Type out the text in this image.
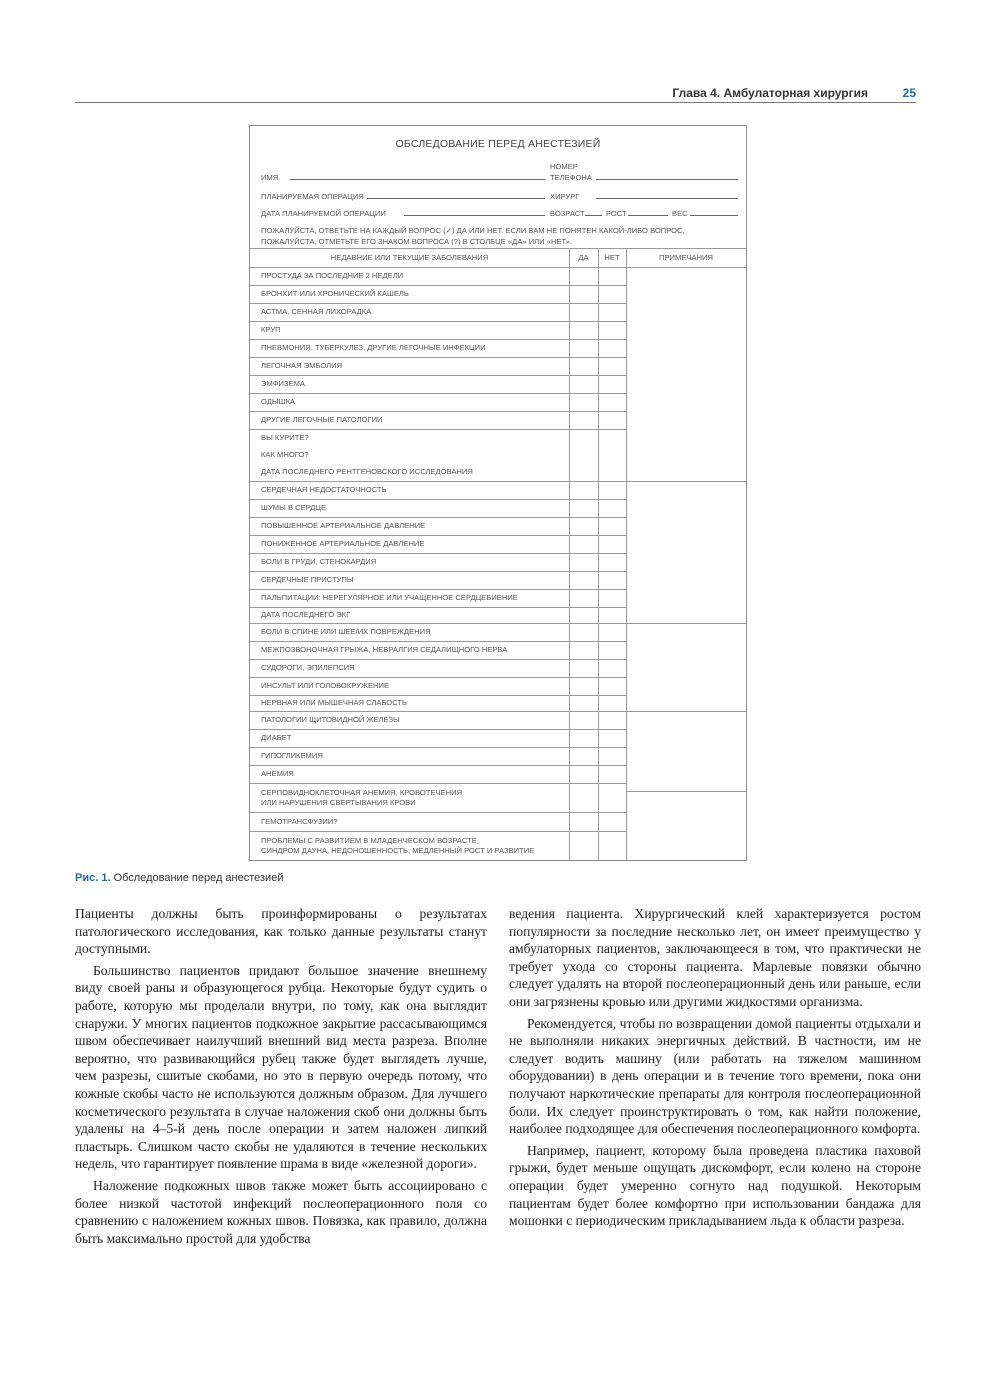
Глава 4. Амбулаторная хирургия	25
ОБСЛЕДОВАНИЕ ПЕРЕД АНЕСТЕЗИЕЙ
ИМЯ
НОМЕР
ТЕЛЕФОНА
ПЛАНИРУЕМАЯ ОПЕРАЦИЯ	ХИРУРГ
ДАТА ПЛАНИРУЕМОЙ ОПЕРАЦИИ	ВОЗРАСТ	РОСТ	ВЕС
ПОЖАЛУЙСТА, ОТВЕТЬТЕ НА КАЖДЫЙ ВОПРОС (✓) ДА ИЛИ НЕТ. ЕСЛИ ВАМ НЕ ПОНЯТЕН КАКОЙ-ЛИБО ВОПРОС,
ПОЖАЛУЙСТА, ОТМЕТЬТЕ ЕГО ЗНАКОМ ВОПРОСА (?) В СТОЛБЦЕ «ДА» ИЛИ «НЕТ».
НЕДАВНИЕ ИЛИ ТЕКУЩИЕ ЗАБОЛЕВАНИЯ	ДА	НЕТ	ПРИМЕЧАНИЯ
ПРОСТУДА ЗА ПОСЛЕДНИЕ 2 НЕДЕЛИ
БРОНХИТ ИЛИ ХРОНИЧЕСКИЙ КАШЕЛЬ
АСТМА, СЕННАЯ ЛИХОРАДКА
КРУП
ПНЕВМОНИЯ. ТУБЕРКУЛЕЗ, ДРУГИЕ ЛЕГОЧНЫЕ ИНФЕКЦИИ
ЛЕГОЧНАЯ ЭМБОЛИЯ
ЭМФИЗЕМА
ОДЫШКА
ДРУГИЕ ЛЕГОЧНЫЕ ПАТОЛОГИИ
ВЫ КУРИТЕ?
КАК МНОГО?
ДАТА ПОСЛЕДНЕГО РЕНТГЕНОВСКОГО ИССЛЕДОВАНИЯ
СЕРДЕЧНАЯ НЕДОСТАТОЧНОСТЬ
ШУМЫ В СЕРДЦЕ
ПОВЫШЕННОЕ АРТЕРИАЛЬНОЕ ДАВЛЕНИЕ
ПОНИЖЕННОЕ АРТЕРИАЛЬНОЕ ДАВЛЕНИЕ
БОЛИ В ГРУДИ, СТЕНОКАРДИЯ
СЕРДЕЧНЫЕ ПРИСТУПЫ
ПАЛЬПИТАЦИИ: НЕРЕГУЛЯРНОЕ ИЛИ УЧАЩЕННОЕ СЕРДЦЕБИЕНИЕ
ДАТА ПОСЛЕДНЕГО ЭКГ
БОЛИ В СПИНЕ ИЛИ ШЕЕ/ИХ ПОВРЕЖДЕНИЯ
МЕЖПОЗВОНОЧНАЯ ГРЫЖА, НЕВРАЛГИЯ СЕДАЛИЩНОГО НЕРВА
СУДОРОГИ, ЭПИЛЕПСИЯ
ИНСУЛЬТ ИЛИ ГОЛОВОКРУЖЕНИЕ
НЕРВНАЯ ИЛИ МЫШЕЧНАЯ СЛАБОСТЬ
ПАТОЛОГИИ ЩИТОВИДНОЙ ЖЕЛЕЗЫ
ДИАБЕТ
ГИПОГЛИКЕМИЯ
АНЕМИЯ
СЕРПОВИДНОКЛЕТОЧНАЯ АНЕМИЯ, КРОВОТЕЧЕНИЯ
ИЛИ НАРУШЕНИЯ СВЕРТЫВАНИЯ КРОВИ
ГЕМОТРАНСФУЗИИ?
ПРОБЛЕМЫ С РАЗВИТИЕМ В МЛАДЕНЧЕСКОМ ВОЗРАСТЕ,
СИНДРОМ ДАУНА, НЕДОНОШЕННОСТЬ, МЕДЛЕННЫЙ РОСТ И РАЗВИТИЕ
Рис. 1. Обследование перед анестезией

Пациенты должны быть проинформированы о результатах патологического исследования, как только данные результаты станут доступными.

Большинство пациентов придают большое значение внешнему виду своей раны и образующегося рубца. Некоторые будут судить о работе, которую мы проделали внутри, по тому, как она выглядит снаружи. У многих пациентов подкожное закрытие рассасывающимся швом обеспечивает наилучший внешний вид места разреза. Вполне вероятно, что развивающийся рубец также будет выглядеть лучше, чем разрезы, сшитые скобами, но это в первую очередь потому, что кожные скобы часто не используются должным образом. Для лучшего косметического результата в случае наложения скоб они должны быть удалены на 4–5-й день после операции и затем наложен липкий пластырь. Слишком часто скобы не удаляются в течение нескольких недель, что гарантирует появление шрама в виде «железной дороги».

Наложение подкожных швов также может быть ассоциировано с более низкой частотой инфекций послеоперационного поля со сравнению с наложением кожных швов. Повязка, как правило, должна быть максимально простой для удобства

ведения пациента. Хирургический клей характеризуется ростом популярности за последние несколько лет, он имеет преимущество у амбулаторных пациентов, заключающееся в том, что практически не требует ухода со стороны пациента. Марлевые повязки обычно следует удалять на второй послеоперационный день или раньше, если они загрязнены кровью или другими жидкостями организма.

Рекомендуется, чтобы по возвращении домой пациенты отдыхали и не выполняли никаких энергичных действий. В частности, им не следует водить машину (или работать на тяжелом машинном оборудовании) в день операции и в течение того времени, пока они получают наркотические препараты для контроля послеоперационной боли. Их следует проинструктировать о том, как найти положение, наиболее подходящее для обеспечения послеоперационного комфорта.

Например, пациент, которому была проведена пластика паховой грыжи, будет меньше ощущать дискомфорт, если колено на стороне операции будет умеренно согнуто над подушкой. Некоторым пациентам будет более комфортно при использовании бандажа для мошонки с периодическим прикладыванием льда к области разреза.
